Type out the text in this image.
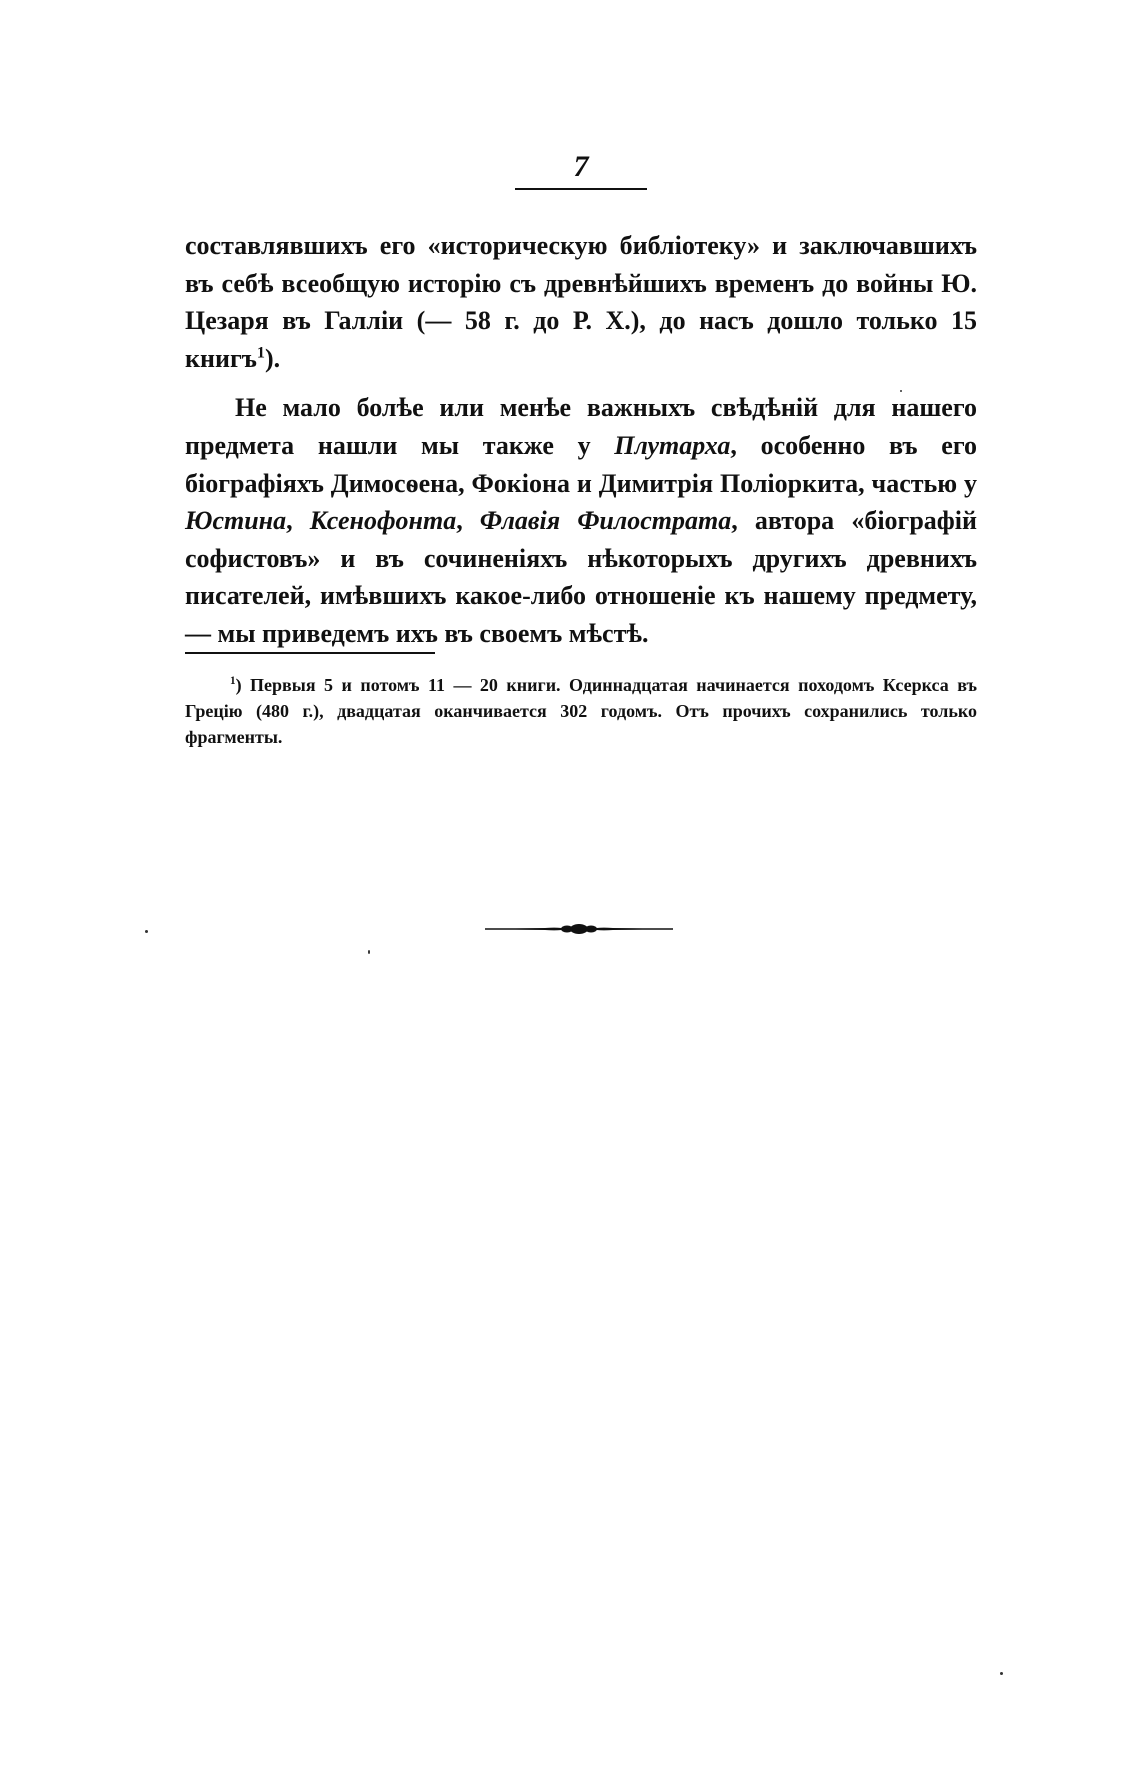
7

составлявшихъ его «историческую библіотеку» и заключавшихъ въ себѣ всеобщую исторію съ древнѣйшихъ временъ до войны Ю. Цезаря въ Галліи (— 58 г. до Р. Х.), до насъ дошло только 15 книгъ$^1$).

Не мало болѣе или менѣе важныхъ свѣдѣній для нашего предмета нашли мы также у Плутарха, особенно въ его біографіяхъ Димосѳена, Фокіона и Димитрія Поліоркита, частью у Юстина, Ксенофонта, Флавія Филострата, автора «біографій софистовъ» и въ сочиненіяхъ нѣкоторыхъ другихъ древнихъ писателей, имѣвшихъ какое-либо отношеніе къ нашему предмету, — мы приведемъ ихъ въ своемъ мѣстѣ.

$^1$) Первыя 5 и потомъ 11 — 20 книги. Одиннадцатая начинается походомъ Ксеркса въ Грецію (480 г.), двадцатая оканчивается 302 годомъ. Отъ прочихъ сохранились только фрагменты.
